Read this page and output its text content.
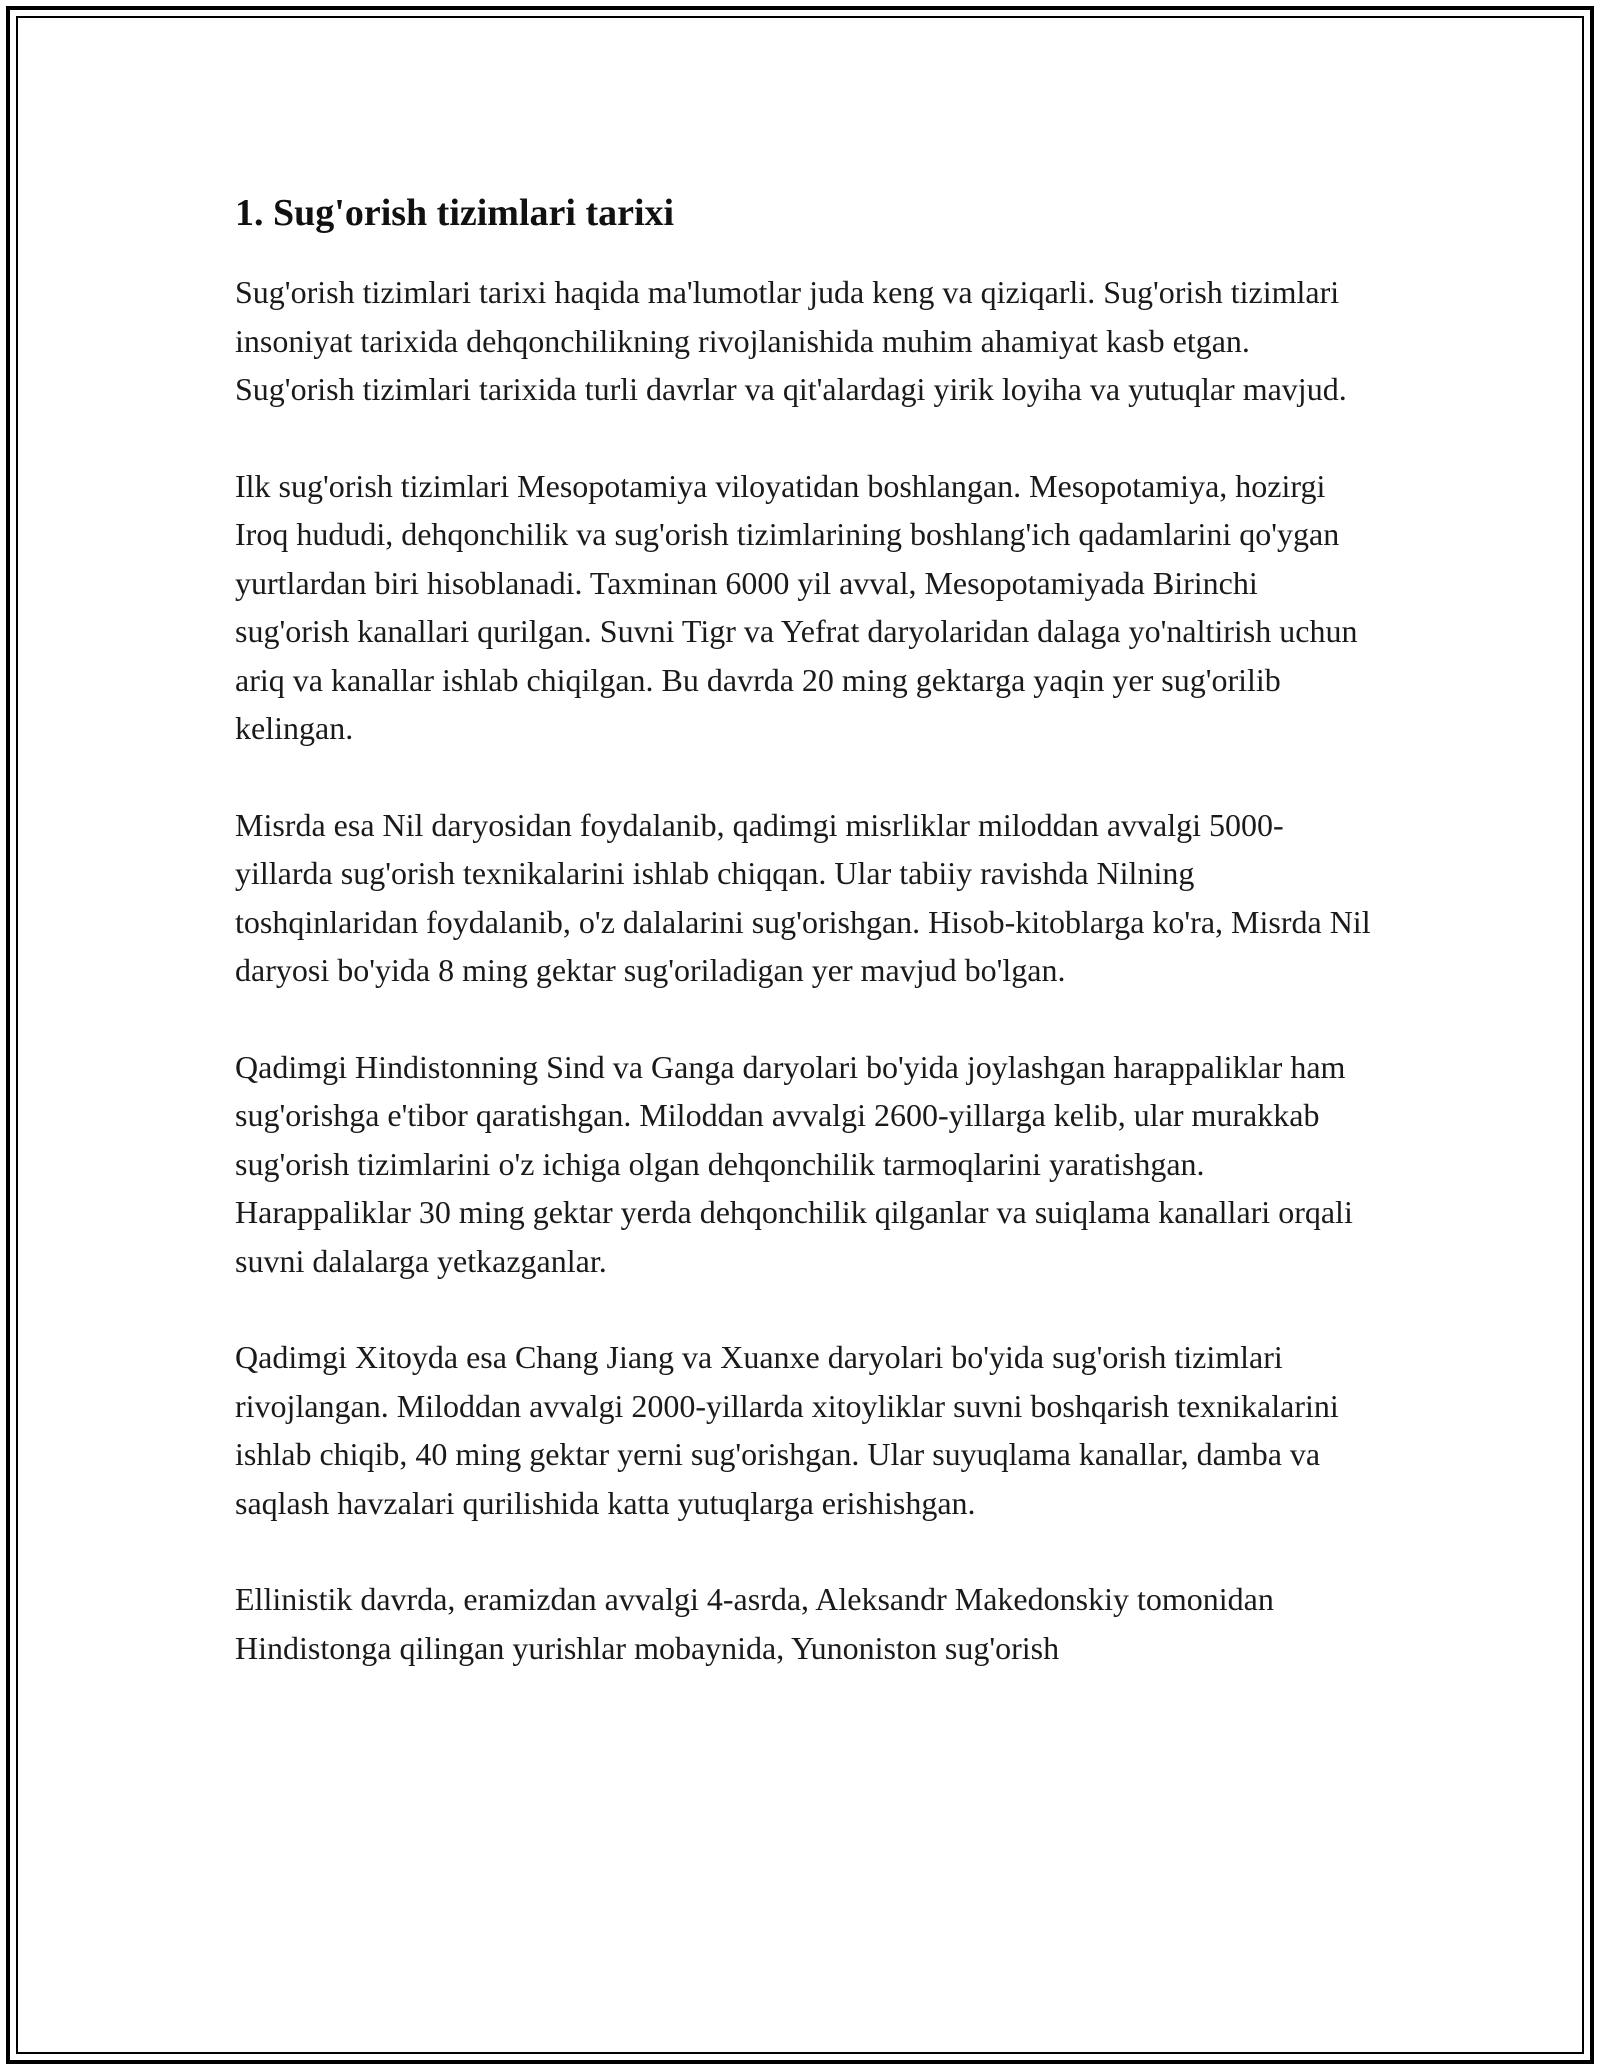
1. Sug'orish tizimlari tarixi

Sug'orish tizimlari tarixi haqida ma'lumotlar juda keng va qiziqarli. Sug'orish tizimlari insoniyat tarixida dehqonchilikning rivojlanishida muhim ahamiyat kasb etgan. Sug'orish tizimlari tarixida turli davrlar va qit'alardagi yirik loyiha va yutuqlar mavjud.

Ilk sug'orish tizimlari Mesopotamiya viloyatidan boshlangan. Mesopotamiya, hozirgi Iroq hududi, dehqonchilik va sug'orish tizimlarining boshlang'ich qadamlarini qo'ygan yurtlardan biri hisoblanadi. Taxminan 6000 yil avval, Mesopotamiyada Birinchi sug'orish kanallari qurilgan. Suvni Tigr va Yefrat daryolaridan dalaga yo'naltirish uchun ariq va kanallar ishlab chiqilgan. Bu davrda 20 ming gektarga yaqin yer sug'orilib kelingan.

Misrda esa Nil daryosidan foydalanib, qadimgi misrliklar miloddan avvalgi 5000-yillarda sug'orish texnikalarini ishlab chiqqan. Ular tabiiy ravishda Nilning toshqinlaridan foydalanib, o'z dalalarini sug'orishgan. Hisob-kitoblarga ko'ra, Misrda Nil daryosi bo'yida 8 ming gektar sug'oriladigan yer mavjud bo'lgan.

Qadimgi Hindistonning Sind va Ganga daryolari bo'yida joylashgan harappaliklar ham sug'orishga e'tibor qaratishgan. Miloddan avvalgi 2600-yillarga kelib, ular murakkab sug'orish tizimlarini o'z ichiga olgan dehqonchilik tarmoqlarini yaratishgan. Harappaliklar 30 ming gektar yerda dehqonchilik qilganlar va suiqlama kanallari orqali suvni dalalarga yetkazganlar.

Qadimgi Xitoyda esa Chang Jiang va Xuanxe daryolari bo'yida sug'orish tizimlari rivojlangan. Miloddan avvalgi 2000-yillarda xitoyliklar suvni boshqarish texnikalarini ishlab chiqib, 40 ming gektar yerni sug'orishgan. Ular suyuqlama kanallar, damba va saqlash havzalari qurilishida katta yutuqlarga erishishgan.

Ellinistik davrda, eramizdan avvalgi 4-asrda, Aleksandr Makedonskiy tomonidan Hindistonga qilingan yurishlar mobaynida, Yunoniston sug'orish
